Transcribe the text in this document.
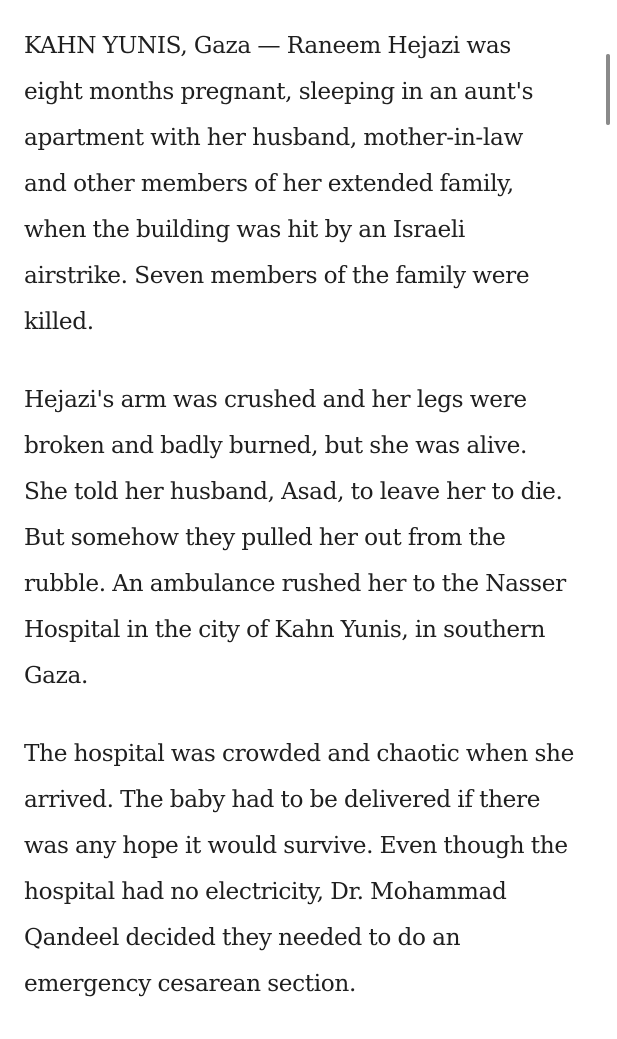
KAHN YUNIS, Gaza — Raneem Hejazi was
eight months pregnant, sleeping in an aunt's
apartment with her husband, mother-in-law
and other members of her extended family,
when the building was hit by an Israeli
airstrike. Seven members of the family were
killed.

Hejazi's arm was crushed and her legs were
broken and badly burned, but she was alive.
She told her husband, Asad, to leave her to die.
But somehow they pulled her out from the
rubble. An ambulance rushed her to the Nasser
Hospital in the city of Kahn Yunis, in southern
Gaza.

The hospital was crowded and chaotic when she
arrived. The baby had to be delivered if there
was any hope it would survive. Even though the
hospital had no electricity, Dr. Mohammad
Qandeel decided they needed to do an
emergency cesarean section.
